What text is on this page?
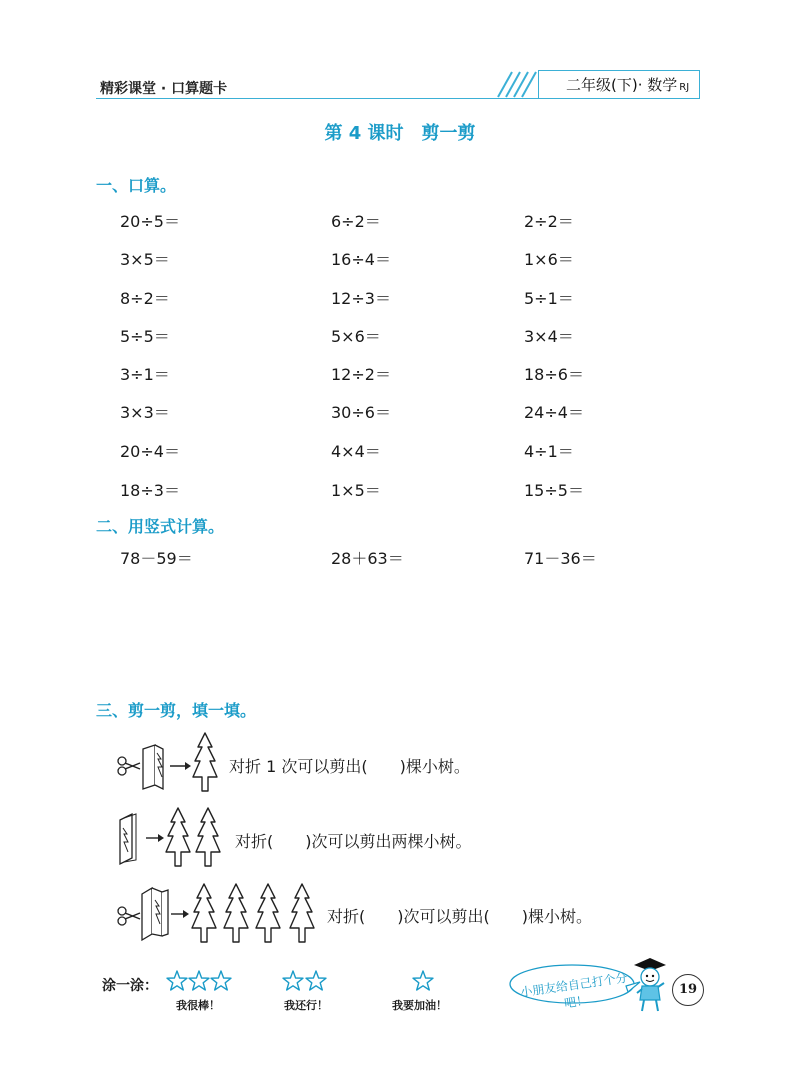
精彩课堂 · 口算题卡	二年级(下)· 数学 RJ
第 4 课时　剪一剪
一、口算。
20÷5＝	6÷2＝	2÷2＝
3×5＝	16÷4＝	1×6＝
8÷2＝	12÷3＝	5÷1＝
5÷5＝	5×6＝	3×4＝
3÷1＝	12÷2＝	18÷6＝
3×3＝	30÷6＝	24÷4＝
20÷4＝	4×4＝	4÷1＝
18÷3＝	1×5＝	15÷5＝
二、用竖式计算。
78－59＝	28＋63＝	71－36＝
三、剪一剪，填一填。
对折 1 次可以剪出(　　)棵小树。
对折(　　)次可以剪出两棵小树。
对折(　　)次可以剪出(　　)棵小树。
涂一涂：
我很棒！	我还行！	我要加油！
小朋友给自己打个分吧！
19
